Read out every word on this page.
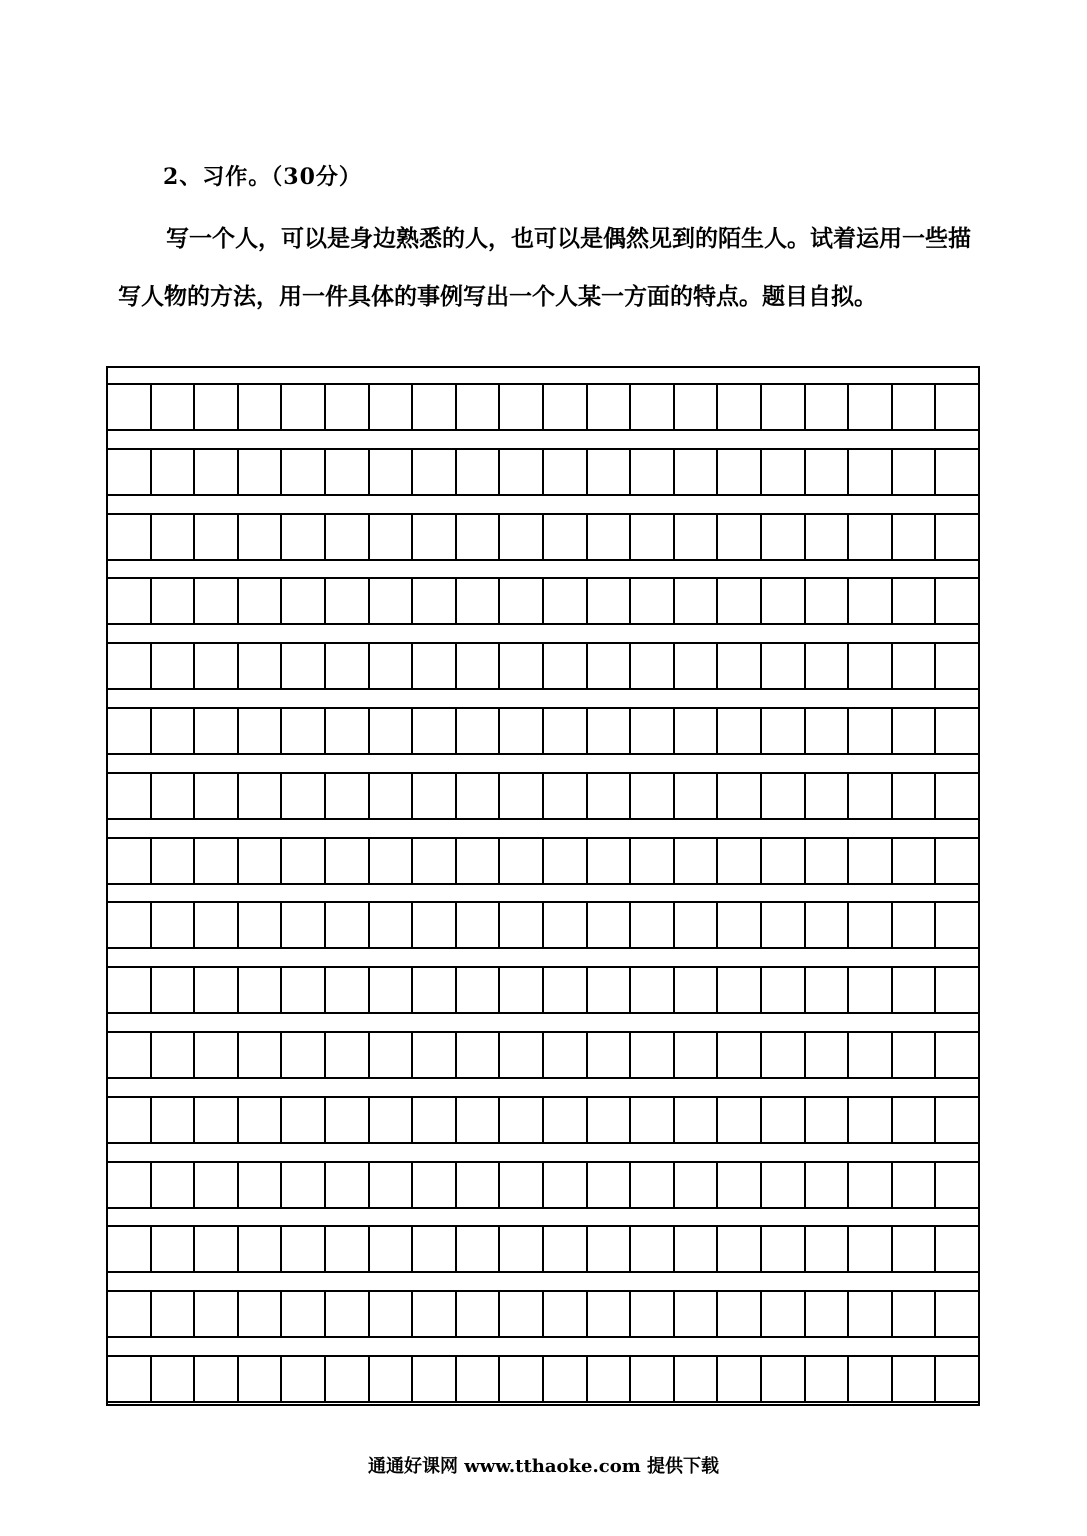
2、习作。（30分）
写一个人，可以是身边熟悉的人，也可以是偶然见到的陌生人。试着运用一些描写人物的方法，用一件具体的事例写出一个人某一方面的特点。题目自拟。
通通好课网 www.tthaoke.com 提供下载
